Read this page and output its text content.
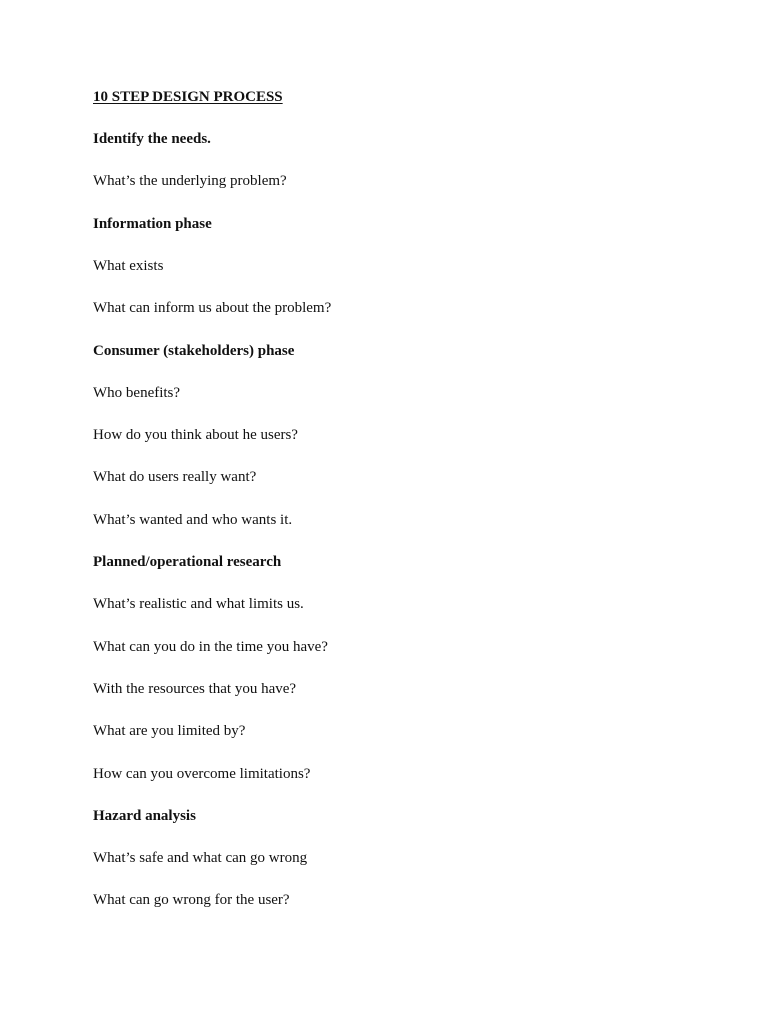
10 STEP DESIGN PROCESS
Identify the needs.
What’s the underlying problem?
Information phase
What exists
What can inform us about the problem?
Consumer (stakeholders) phase
Who benefits?
How do you think about he users?
What do users really want?
What’s wanted and who wants it.
Planned/operational research
What’s realistic and what limits us.
What can you do in the time you have?
With the resources that you have?
What are you limited by?
How can you overcome limitations?
Hazard analysis
What’s safe and what can go wrong
What can go wrong for the user?
